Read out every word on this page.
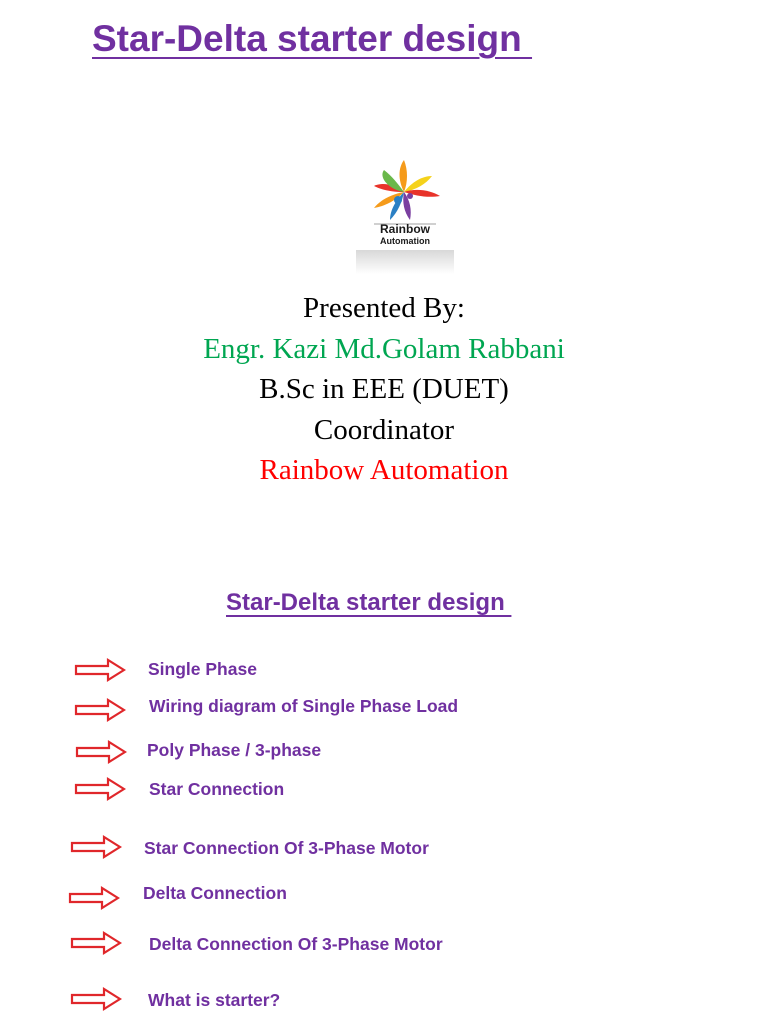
Star-Delta starter design
Rainbow
Automation
Presented By:
Engr. Kazi Md.Golam Rabbani
B.Sc in EEE (DUET)
Coordinator
Rainbow Automation
Star-Delta starter design
Single Phase
Wiring diagram of Single Phase Load
Poly Phase / 3-phase
Star Connection
Star Connection Of 3-Phase Motor
Delta Connection
Delta Connection Of 3-Phase Motor
What is starter?
